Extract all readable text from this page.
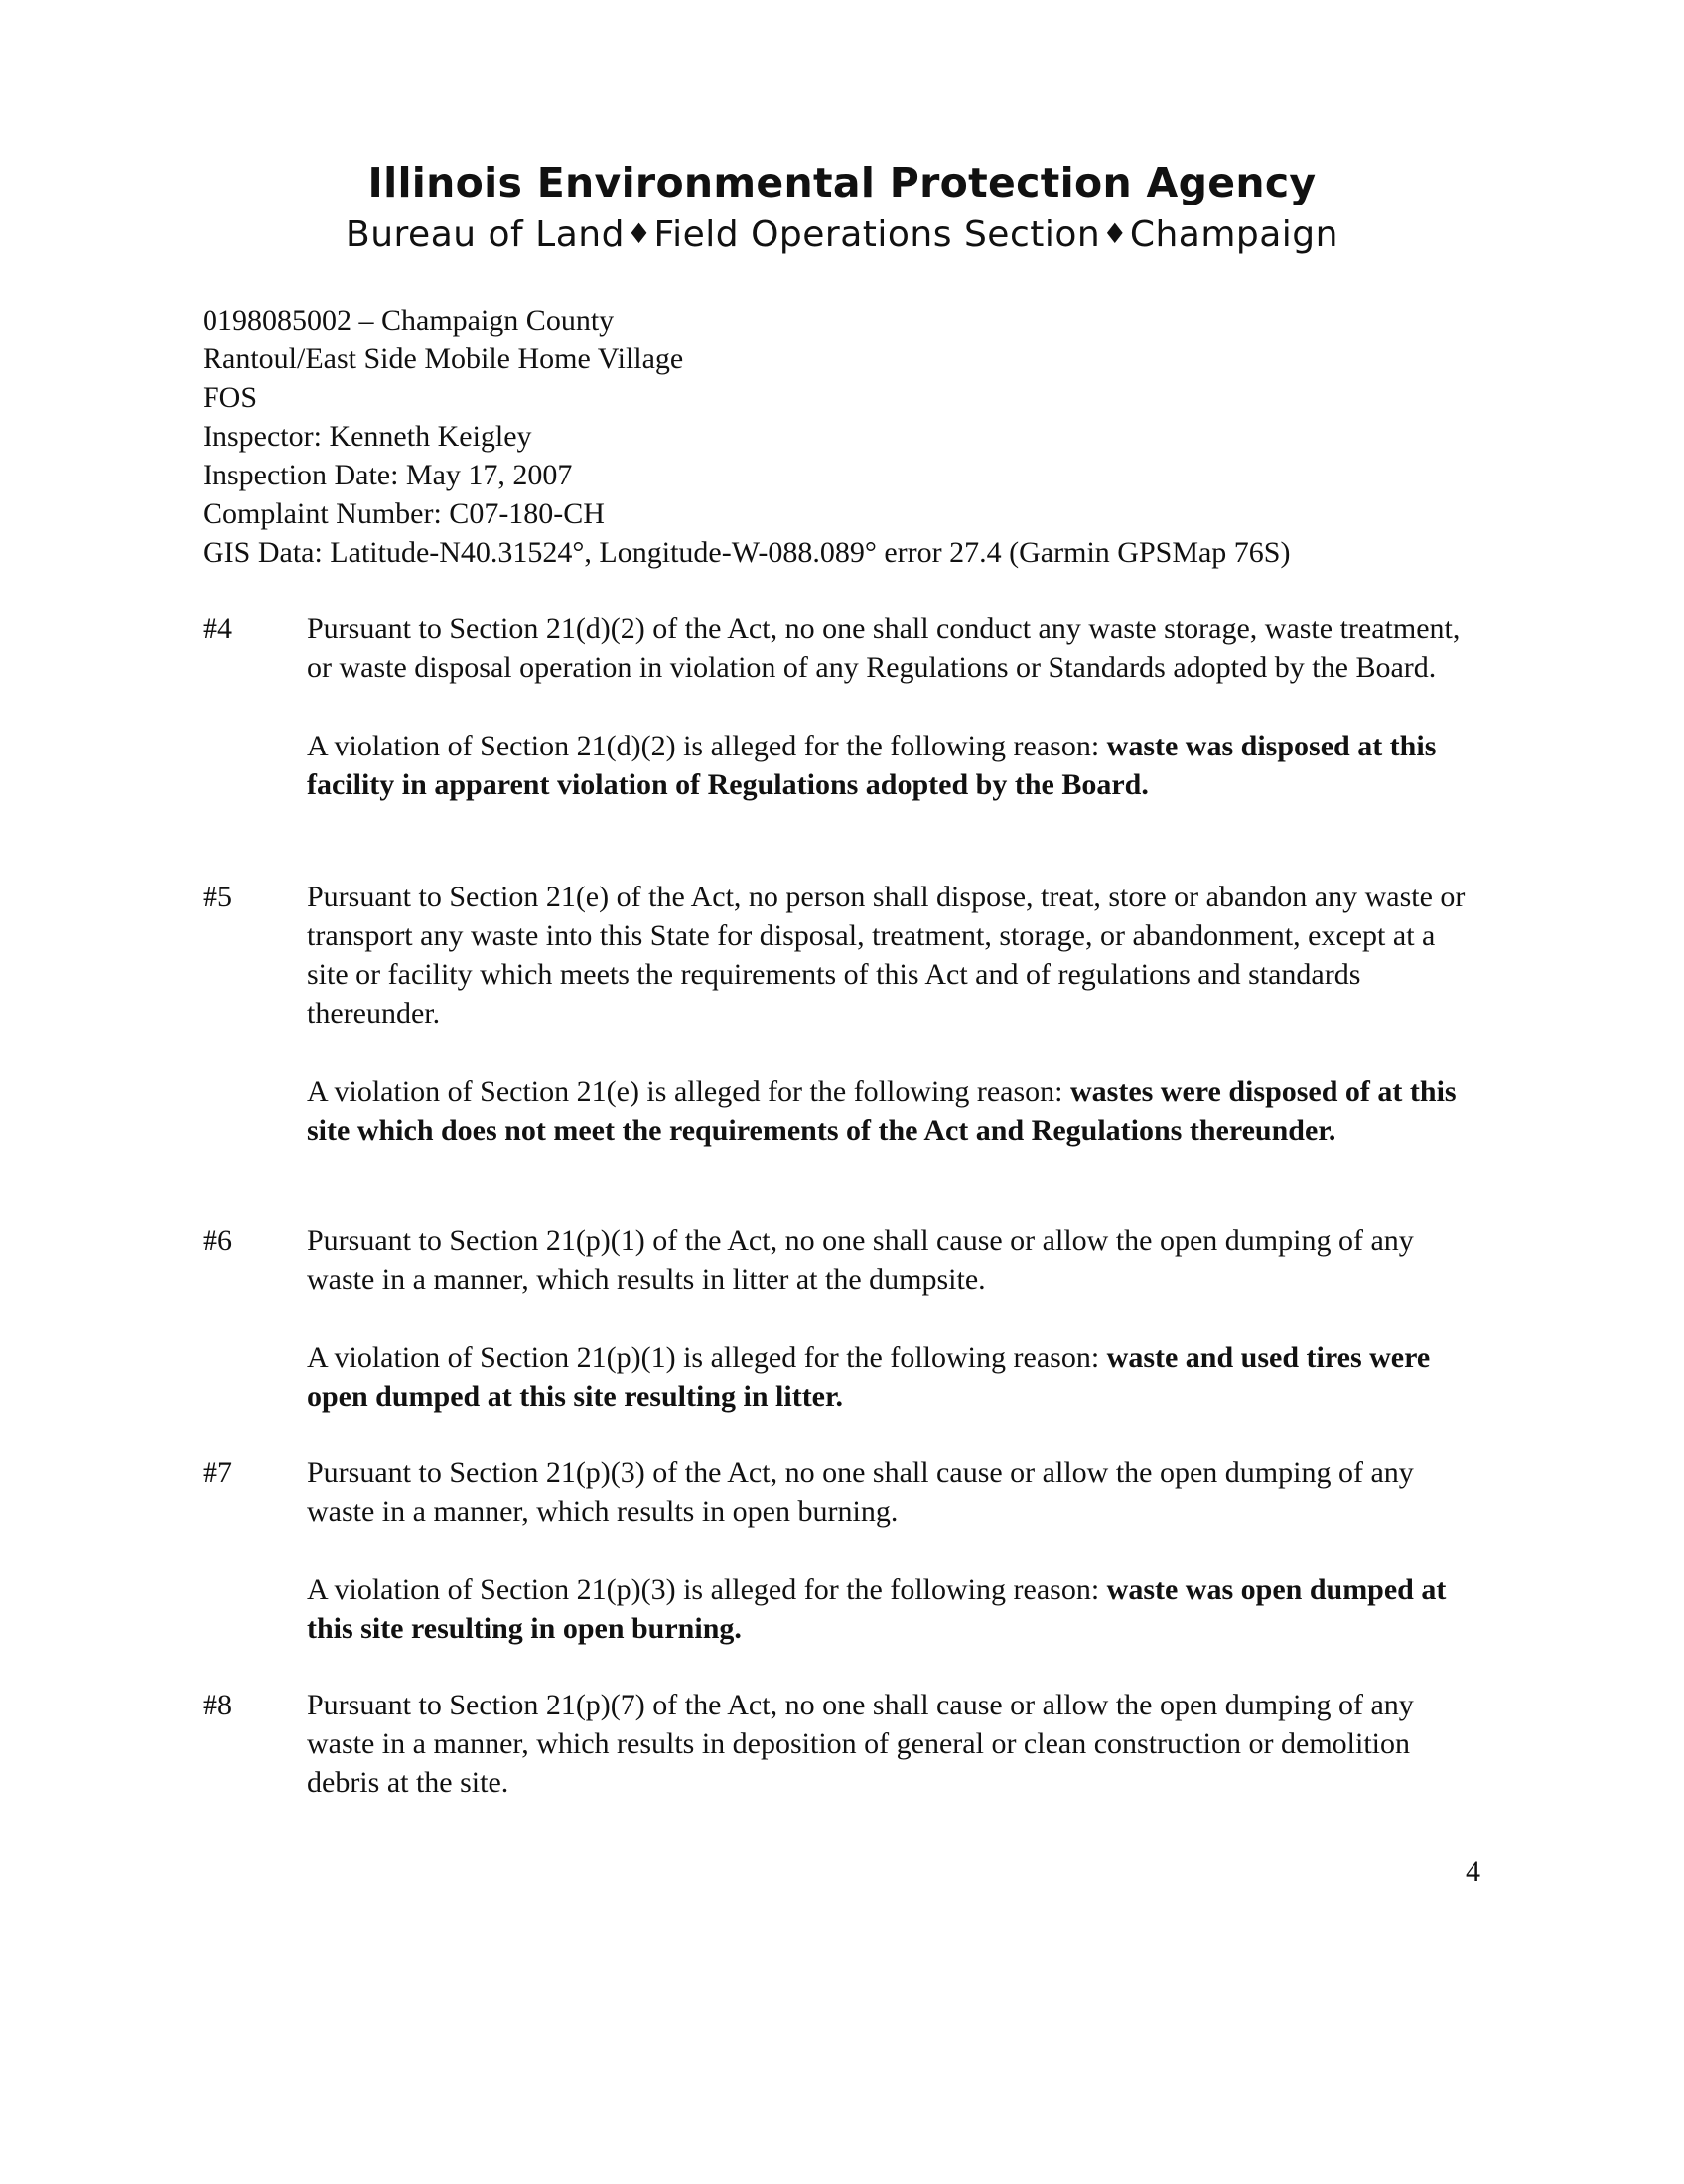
Illinois Environmental Protection Agency
Bureau of Land♦Field Operations Section♦Champaign
0198085002 – Champaign County
Rantoul/East Side Mobile Home Village
FOS
Inspector: Kenneth Keigley
Inspection Date: May 17, 2007
Complaint Number: C07-180-CH
GIS Data: Latitude-N40.31524°, Longitude-W-088.089° error 27.4 (Garmin GPSMap 76S)
#4	Pursuant to Section 21(d)(2) of the Act, no one shall conduct any waste storage, waste treatment, or waste disposal operation in violation of any Regulations or Standards adopted by the Board.
A violation of Section 21(d)(2) is alleged for the following reason: waste was disposed at this facility in apparent violation of Regulations adopted by the Board.
#5	Pursuant to Section 21(e) of the Act, no person shall dispose, treat, store or abandon any waste or transport any waste into this State for disposal, treatment, storage, or abandonment, except at a site or facility which meets the requirements of this Act and of regulations and standards thereunder.
A violation of Section 21(e) is alleged for the following reason: wastes were disposed of at this site which does not meet the requirements of the Act and Regulations thereunder.
#6	Pursuant to Section 21(p)(1) of the Act, no one shall cause or allow the open dumping of any waste in a manner, which results in litter at the dumpsite.
A violation of Section 21(p)(1) is alleged for the following reason: waste and used tires were open dumped at this site resulting in litter.
#7	Pursuant to Section 21(p)(3) of the Act, no one shall cause or allow the open dumping of any waste in a manner, which results in open burning.
A violation of Section 21(p)(3) is alleged for the following reason: waste was open dumped at this site resulting in open burning.
#8	Pursuant to Section 21(p)(7) of the Act, no one shall cause or allow the open dumping of any waste in a manner, which results in deposition of general or clean construction or demolition debris at the site.
4
